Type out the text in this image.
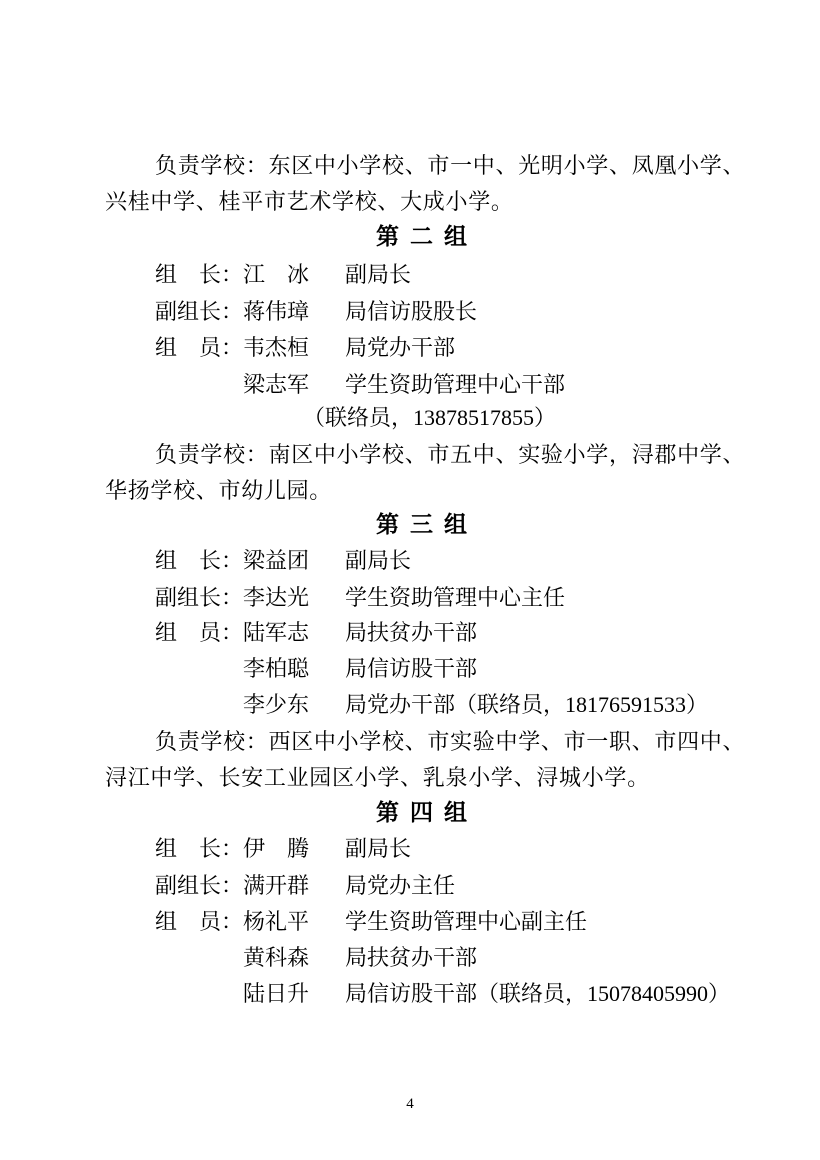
负责学校：东区中小学校、市一中、光明小学、凤凰小学、
兴桂中学、桂平市艺术学校、大成小学。
第二组
组　长： 江　冰 副局长
副组长： 蒋伟璋 局信访股股长
组　员： 韦杰桓 局党办干部
梁志军 学生资助管理中心干部
（联络员，13878517855）
负责学校：南区中小学校、市五中、实验小学，浔郡中学、
华扬学校、市幼儿园。
第三组
组　长： 梁益团 副局长
副组长： 李达光 学生资助管理中心主任
组　员： 陆军志 局扶贫办干部
李柏聪 局信访股干部
李少东 局党办干部（联络员，18176591533）
负责学校：西区中小学校、市实验中学、市一职、市四中、
浔江中学、长安工业园区小学、乳泉小学、浔城小学。
第四组
组　长： 伊　腾 副局长
副组长： 满开群 局党办主任
组　员： 杨礼平 学生资助管理中心副主任
黄科森 局扶贫办干部
陆日升 局信访股干部（联络员，15078405990）
4
